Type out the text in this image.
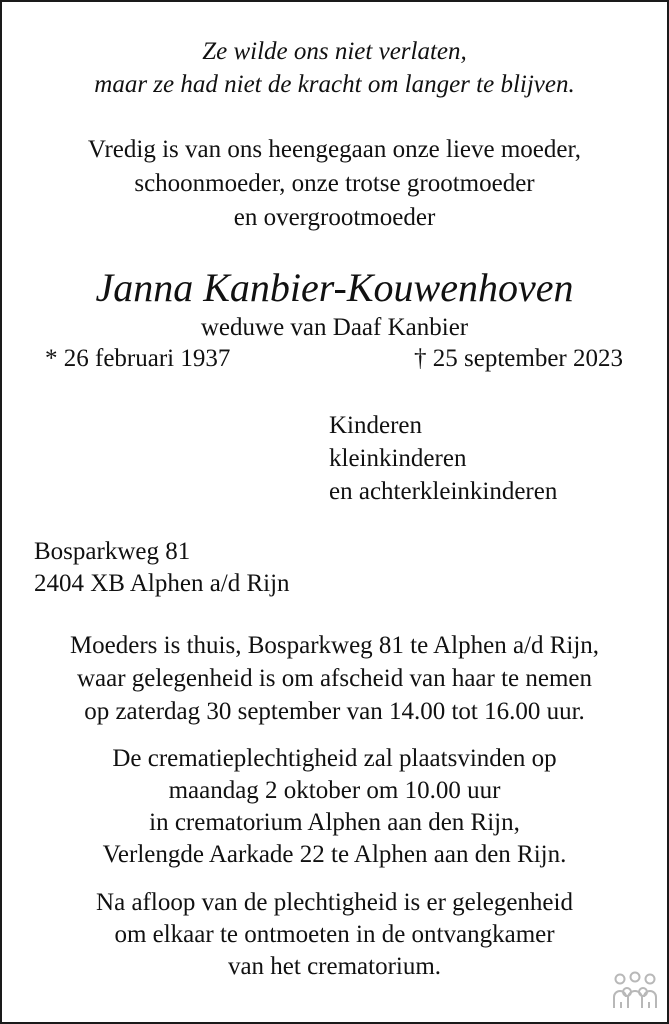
Ze wilde ons niet verlaten,
maar ze had niet de kracht om langer te blijven.
Vredig is van ons heengegaan onze lieve moeder,
schoonmoeder, onze trotse grootmoeder
en overgrootmoeder
Janna Kanbier-Kouwenhoven
weduwe van Daaf Kanbier
* 26 februari 1937	† 25 september 2023
Kinderen
kleinkinderen
en achterkleinkinderen
Bosparkweg 81
2404 XB Alphen a/d Rijn
Moeders is thuis, Bosparkweg 81 te Alphen a/d Rijn,
waar gelegenheid is om afscheid van haar te nemen
op zaterdag 30 september van 14.00 tot 16.00 uur.
De crematieplechtigheid zal plaatsvinden op
maandag 2 oktober om 10.00 uur
in crematorium Alphen aan den Rijn,
Verlengde Aarkade 22 te Alphen aan den Rijn.
Na afloop van de plechtigheid is er gelegenheid
om elkaar te ontmoeten in de ontvangkamer
van het crematorium.
